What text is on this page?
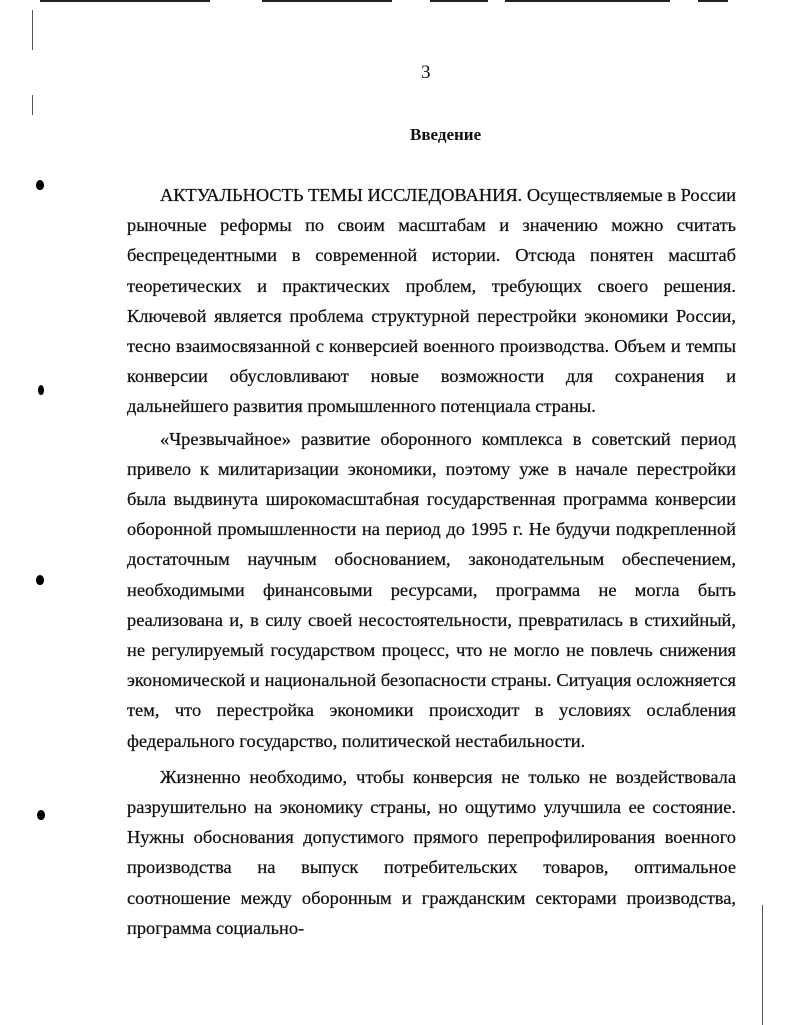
3
Введение

АКТУАЛЬНОСТЬ ТЕМЫ ИССЛЕДОВАНИЯ. Осуществляемые в России рыночные реформы по своим масштабам и значению можно считать беспрецедентными в современной истории. Отсюда понятен масштаб теоретических и практических проблем, требующих своего решения. Ключевой является проблема структурной перестройки экономики России, тесно взаимосвязанной с конверсией военного производства. Объем и темпы конверсии обусловливают новые возможности для сохранения и дальнейшего развития промышленного потенциала страны.

«Чрезвычайное» развитие оборонного комплекса в советский период привело к милитаризации экономики, поэтому уже в начале перестройки была выдвинута широкомасштабная государственная программа конверсии оборонной промышленности на период до 1995 г. Не будучи подкрепленной достаточным научным обоснованием, законодательным обеспечением, необходимыми финансовыми ресурсами, программа не могла быть реализована и, в силу своей несостоятельности, превратилась в стихийный, не регулируемый государством процесс, что не могло не повлечь снижения экономической и национальной безопасности страны. Ситуация осложняется тем, что перестройка экономики происходит в условиях ослабления федерального государство, политической нестабильности.

Жизненно необходимо, чтобы конверсия не только не воздействовала разрушительно на экономику страны, но ощутимо улучшила ее состояние. Нужны обоснования допустимого прямого перепрофилирования военного производства на выпуск потребительских товаров, оптимальное соотношение между оборонным и гражданским секторами производства, программа социально-
